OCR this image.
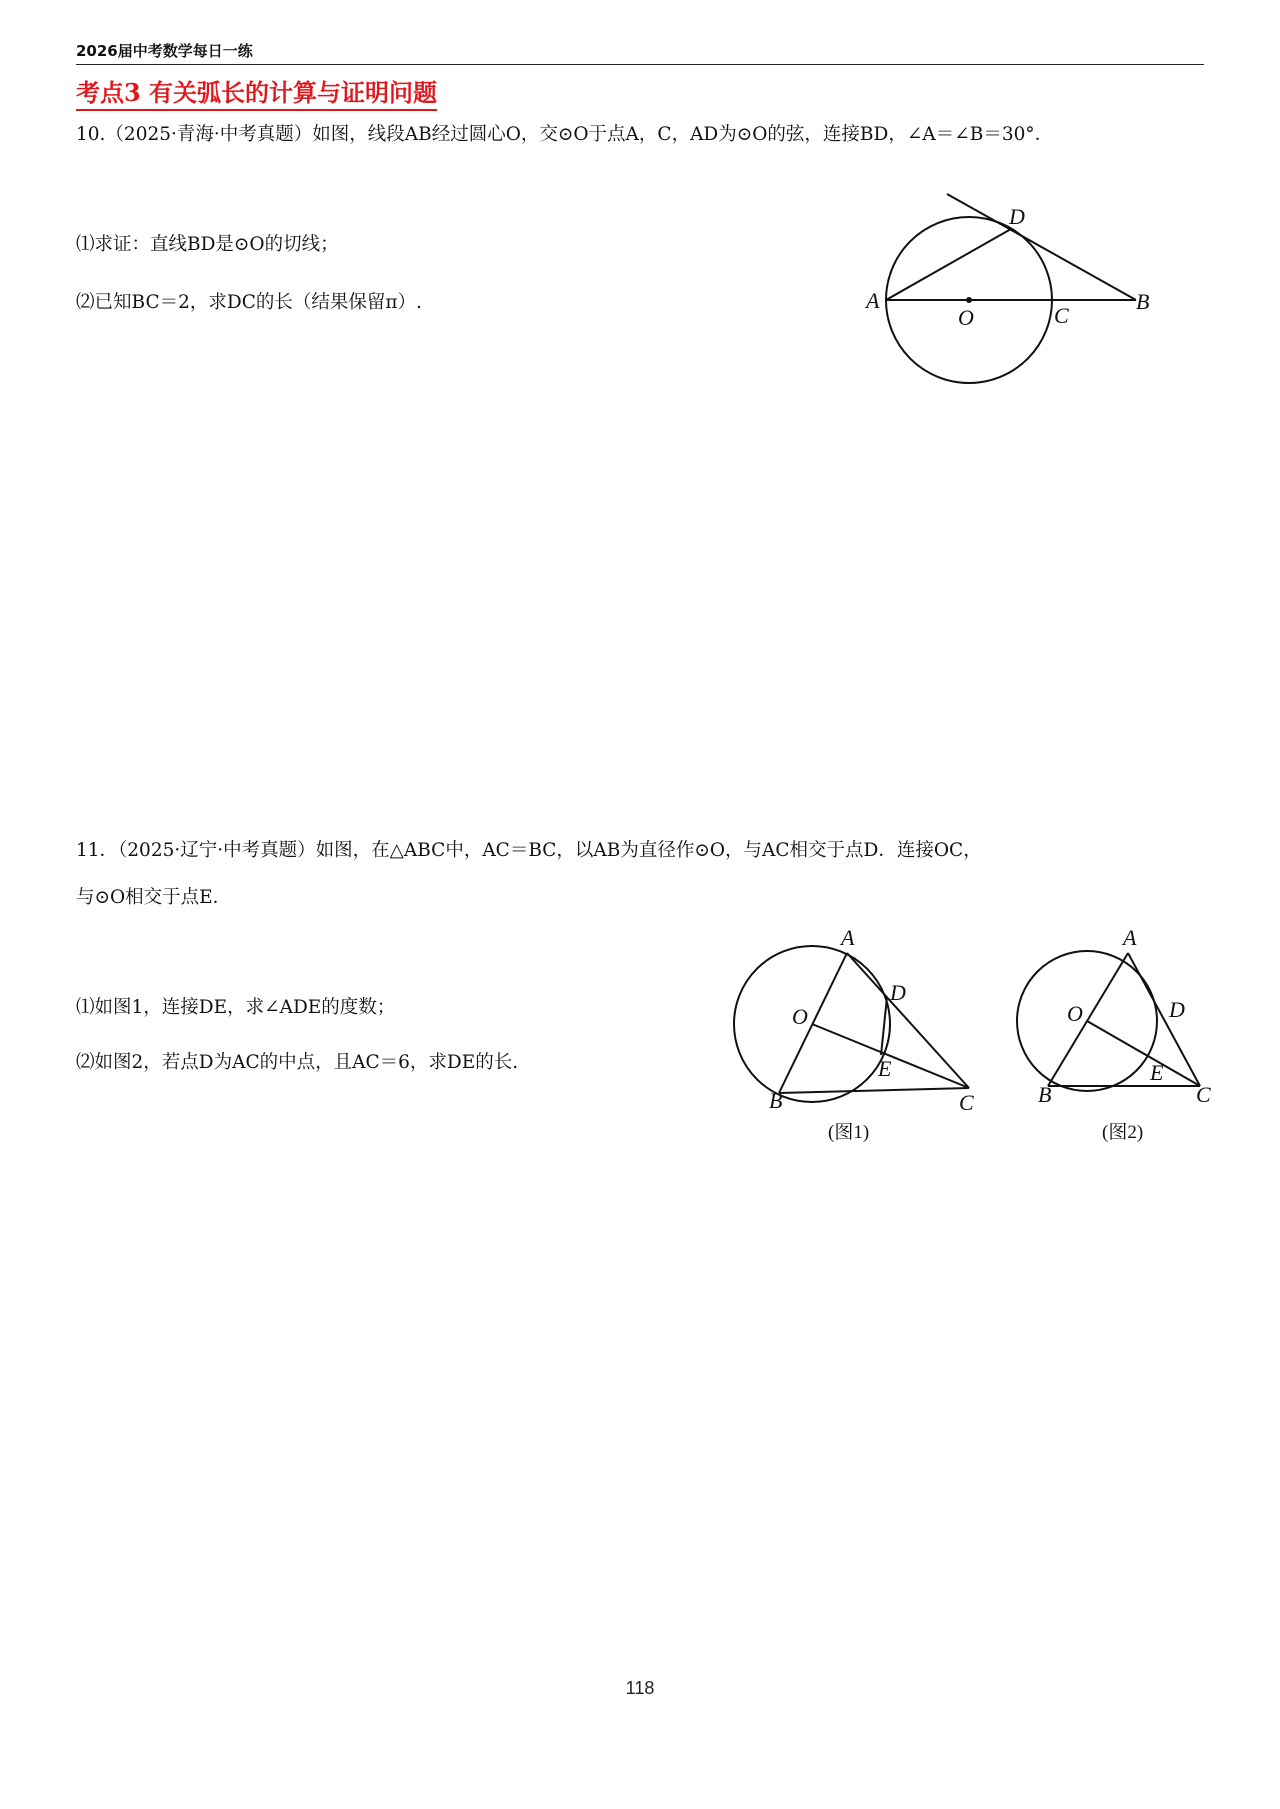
2026届中考数学每日一练
考点3 有关弧长的计算与证明问题
10.（2025·青海·中考真题）如图，线段AB经过圆心O，交⊙O于点A，C，AD为⊙O的弦，连接BD，∠A＝∠B＝30°．
⑴求证：直线BD是⊙O的切线；
⑵已知BC＝2，求DC的长（结果保留π）.
D
A
O	C
B
11．（2025·辽宁·中考真题）如图，在△ABC中，AC＝BC，以AB为直径作⊙O，与AC相交于点D．连接OC，
与⊙O相交于点E．
⑴如图1，连接DE，求∠ADE的度数；
⑵如图2，若点D为AC的中点，且AC＝6，求DE的长.
A
D
O
E
B	C
(图1)
A
D
O
E
B	C
(图2)
118
